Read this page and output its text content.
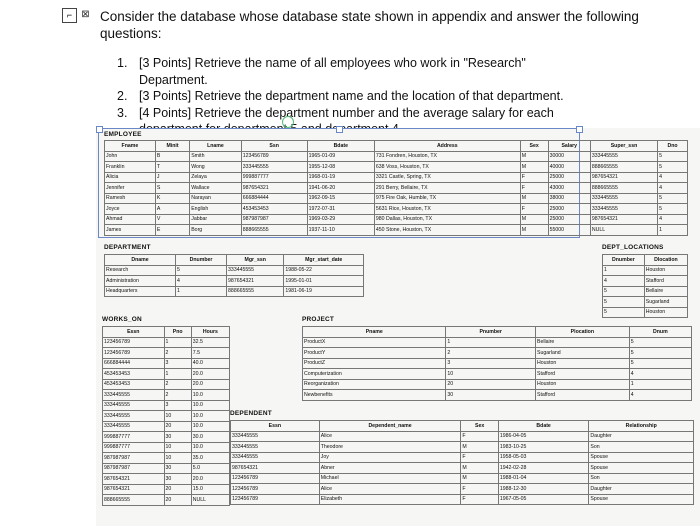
⌐ ⊠ Consider the database whose database state shown in appendix and answer the following questions:
1. [3 Points] Retrieve the name of all employees who work in "Research" Department.
2. [3 Points] Retrieve the department name and the location of that department.
3. [4 Points] Retrieve the department number and the average salary for each
EMPLOYEE
Fname	Minit	Lname	Ssn	Bdate	Address	Sex	Salary	Super_ssn	Dno
John	B	Smith	123456789	1965-01-09	731 Fondren, Houston, TX	M	30000	333445555	5
Franklin	T	Wong	333445555	1955-12-08	638 Voss, Houston, TX	M	40000	888665555	5
Alicia	J	Zelaya	999887777	1968-01-19	3321 Castle, Spring, TX	F	25000	987654321	4
Jennifer	S	Wallace	987654321	1941-06-20	291 Berry, Bellaire, TX	F	43000	888665555	4
Ramesh	K	Narayan	666884444	1962-09-15	975 Fire Oak, Humble, TX	M	38000	333445555	5
Joyce	A	English	453453453	1972-07-31	5631 Rice, Houston, TX	F	25000	333445555	5
Ahmad	V	Jabbar	987987987	1969-03-29	980 Dallas, Houston, TX	M	25000	987654321	4
James	E	Borg	888665555	1937-11-10	450 Stone, Houston, TX	M	55000	NULL	1
DEPARTMENT
Dname	Dnumber	Mgr_ssn	Mgr_start_date
Research	5	333445555	1988-05-22
Administration	4	987654321	1995-01-01
Headquarters	1	888665555	1981-06-19
DEPT_LOCATIONS
Dnumber	Dlocation
1	Houston
4	Stafford
5	Bellaire
5	Sugarland
5	Houston
WORKS_ON
Essn	Pno	Hours
123456789	1	32.5
123456789	2	7.5
666884444	3	40.0
453453453	1	20.0
453453453	2	20.0
333445555	2	10.0
333445555	3	10.0
333445555	10	10.0
333445555	20	10.0
999887777	30	30.0
999887777	10	10.0
987987987	10	35.0
987987987	30	5.0
987654321	30	20.0
987654321	20	15.0
888665555	20	NULL
PROJECT
Pname	Pnumber	Plocation	Dnum
ProductX	1	Bellaire	5
ProductY	2	Sugarland	5
ProductZ	3	Houston	5
Computerization	10	Stafford	4
Reorganization	20	Houston	1
Newbenefits	30	Stafford	4
DEPENDENT
Essn	Dependent_name	Sex	Bdate	Relationship
333445555	Alice	F	1986-04-05	Daughter
333445555	Theodore	M	1983-10-25	Son
333445555	Joy	F	1958-05-03	Spouse
987654321	Abner	M	1942-02-28	Spouse
123456789	Michael	M	1988-01-04	Son
123456789	Alice	F	1988-12-30	Daughter
123456789	Elizabeth	F	1967-05-05	Spouse
